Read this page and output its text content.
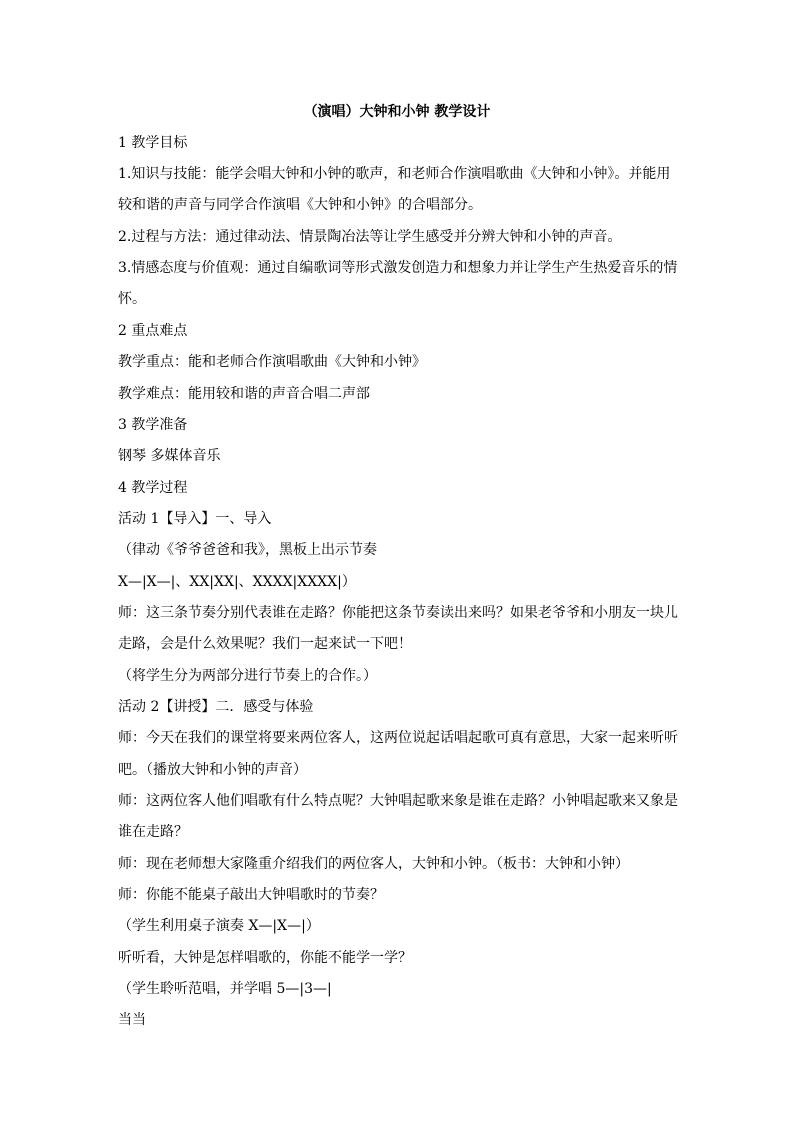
（演唱）大钟和小钟 教学设计
1 教学目标
1.知识与技能：能学会唱大钟和小钟的歌声，和老师合作演唱歌曲《大钟和小钟》。并能用
较和谐的声音与同学合作演唱《大钟和小钟》的合唱部分。
2.过程与方法：通过律动法、情景陶冶法等让学生感受并分辨大钟和小钟的声音。
3.情感态度与价值观：通过自编歌词等形式激发创造力和想象力并让学生产生热爱音乐的情
怀。
2 重点难点
教学重点：能和老师合作演唱歌曲《大钟和小钟》
教学难点：能用较和谐的声音合唱二声部
3 教学准备
钢琴 多媒体音乐
4 教学过程
活动 1【导入】一、导入
（律动《爷爷爸爸和我》，黑板上出示节奏
X—|X—|、XX|XX|、XXXX|XXXX|）
师：这三条节奏分别代表谁在走路？你能把这条节奏读出来吗？如果老爷爷和小朋友一块儿
走路，会是什么效果呢？我们一起来试一下吧！
（将学生分为两部分进行节奏上的合作。）
活动 2【讲授】二．感受与体验
师：今天在我们的课堂将要来两位客人，这两位说起话唱起歌可真有意思，大家一起来听听
吧。（播放大钟和小钟的声音）
师：这两位客人他们唱歌有什么特点呢？大钟唱起歌来象是谁在走路？小钟唱起歌来又象是
谁在走路？
师：现在老师想大家隆重介绍我们的两位客人，大钟和小钟。（板书：大钟和小钟）
师：你能不能桌子敲出大钟唱歌时的节奏？
（学生利用桌子演奏 X—|X—|）
听听看，大钟是怎样唱歌的，你能不能学一学？
（学生聆听范唱，并学唱 5—|3—|
当当
